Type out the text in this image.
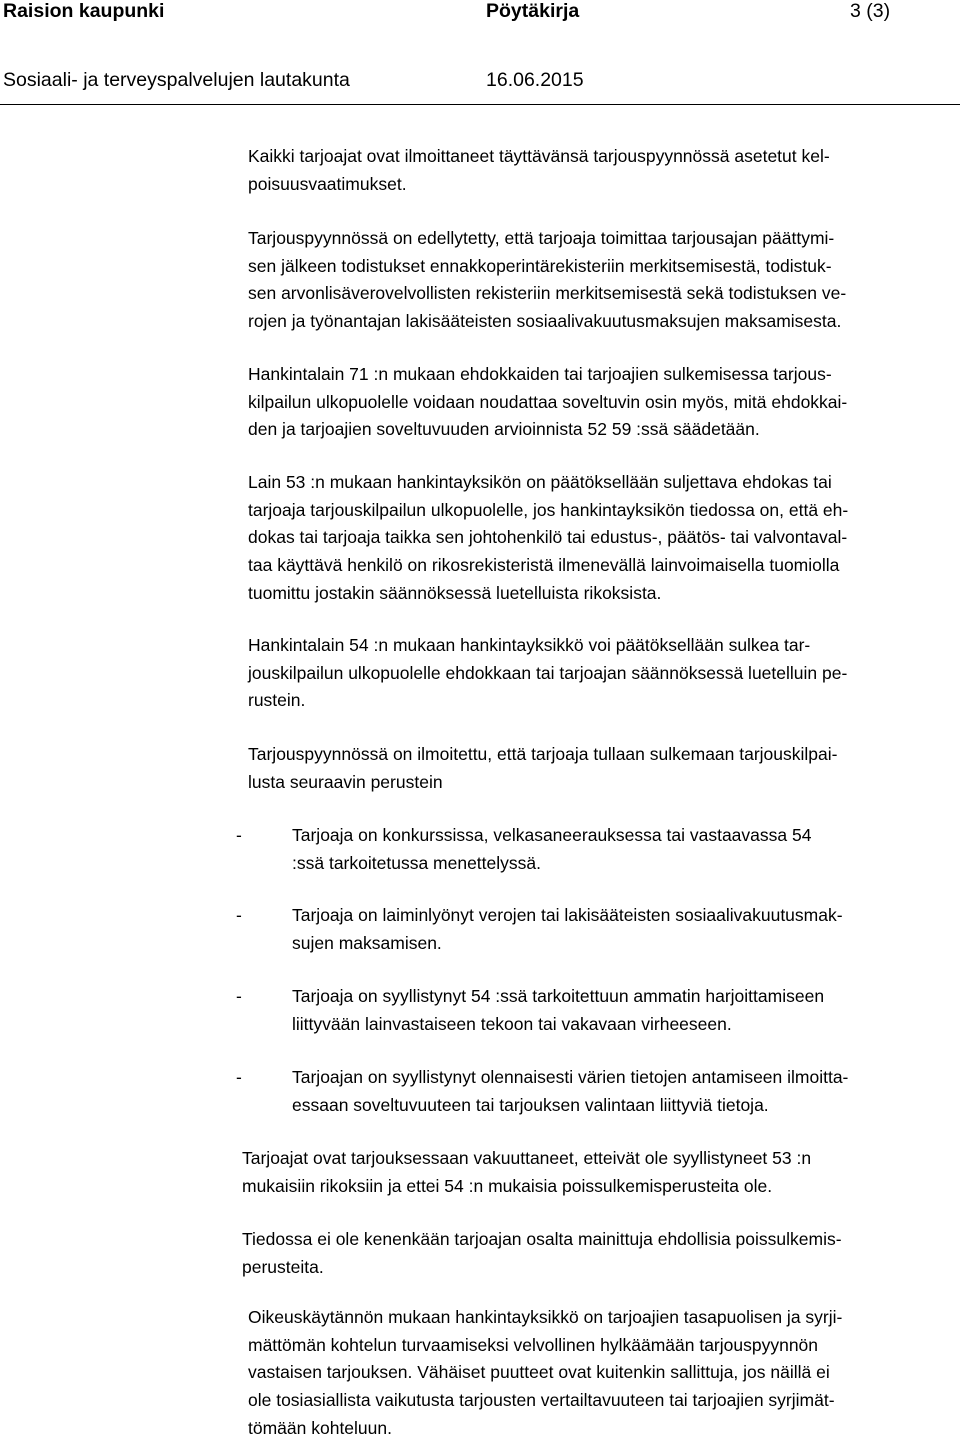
Raision kaupunki	Pöytäkirja	3 (3)
Sosiaali- ja terveyspalvelujen lautakunta	16.06.2015
Kaikki tarjoajat ovat ilmoittaneet täyttävänsä tarjouspyynnössä asetetut kel-
poisuusvaatimukset.
Tarjouspyynnössä on edellytetty, että tarjoaja toimittaa tarjousajan päättymi-
sen jälkeen todistukset ennakkoperintärekisteriin merkitsemisestä, todistuk-
sen arvonlisäverovelvollisten rekisteriin merkitsemisestä sekä todistuksen ve-
rojen ja työnantajan lakisääteisten sosiaalivakuutusmaksujen maksamisesta.
Hankintalain 71 :n mukaan ehdokkaiden tai tarjoajien sulkemisessa tarjous-
kilpailun ulkopuolelle voidaan noudattaa soveltuvin osin myös, mitä ehdokkai-
den ja tarjoajien soveltuvuuden arvioinnista 52 59 :ssä säädetään.
Lain 53 :n mukaan hankintayksikön on päätöksellään suljettava ehdokas tai
tarjoaja tarjouskilpailun ulkopuolelle, jos hankintayksikön tiedossa on, että eh-
dokas tai tarjoaja taikka sen johtohenkilö tai edustus-, päätös- tai valvontaval-
taa käyttävä henkilö on rikosrekisteristä ilmenevällä lainvoimaisella tuomiolla
tuomittu jostakin säännöksessä luetelluista rikoksista.
Hankintalain 54 :n mukaan hankintayksikkö voi päätöksellään sulkea tar-
jouskilpailun ulkopuolelle ehdokkaan tai tarjoajan säännöksessä luetelluin pe-
rustein.
Tarjouspyynnössä on ilmoitettu, että tarjoaja tullaan sulkemaan tarjouskilpai-
lusta seuraavin perustein
-	Tarjoaja on konkurssissa, velkasaneerauksessa tai vastaavassa 54
:ssä tarkoitetussa menettelyssä.
-	Tarjoaja on laiminlyönyt verojen tai lakisääteisten sosiaalivakuutusmak-
sujen maksamisen.
-	Tarjoaja on syyllistynyt 54 :ssä tarkoitettuun ammatin harjoittamiseen
liittyvään lainvastaiseen tekoon tai vakavaan virheeseen.
-	Tarjoajan on syyllistynyt olennaisesti värien tietojen antamiseen ilmoitta-
essaan soveltuvuuteen tai tarjouksen valintaan liittyviä tietoja.
Tarjoajat ovat tarjouksessaan vakuuttaneet, etteivät ole syyllistyneet 53 :n
mukaisiin rikoksiin ja ettei 54 :n mukaisia poissulkemisperusteita ole.
Tiedossa ei ole kenenkään tarjoajan osalta mainittuja ehdollisia poissulkemis-
perusteita.
Oikeuskäytännön mukaan hankintayksikkö on tarjoajien tasapuolisen ja syrji-
mättömän kohtelun turvaamiseksi velvollinen hylkäämään tarjouspyynnön
vastaisen tarjouksen. Vähäiset puutteet ovat kuitenkin sallittuja, jos näillä ei
ole tosiasiallista vaikutusta tarjousten vertailtavuuteen tai tarjoajien syrjimät-
tömään kohteluun.
